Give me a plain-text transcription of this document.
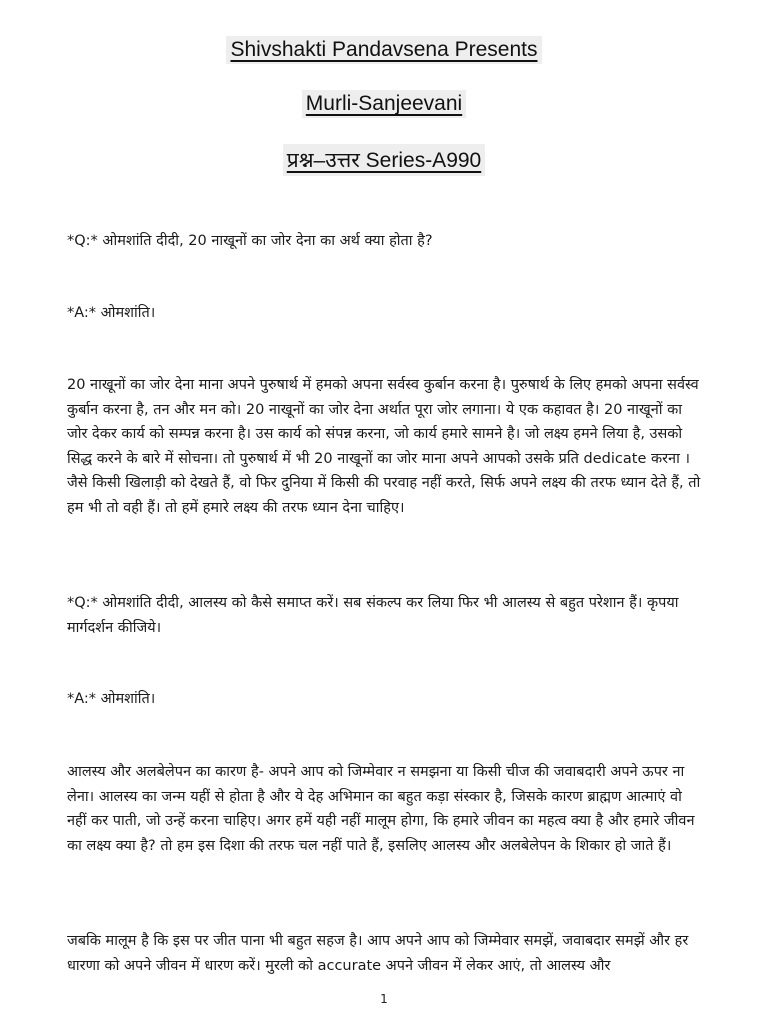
Shivshakti Pandavsena Presents
Murli-Sanjeevani
प्रश्न–उत्तर Series-A990

*Q:* ओमशांति दीदी, 20 नाखूनों का जोर देना का अर्थ क्या होता है?

*A:* ओमशांति।

20 नाखूनों का जोर देना माना अपने पुरुषार्थ में हमको अपना सर्वस्व कुर्बान करना है। पुरुषार्थ के लिए हमको अपना सर्वस्व कुर्बान करना है, तन और मन को। 20 नाखूनों का जोर देना अर्थात पूरा जोर लगाना। ये एक कहावत है। 20 नाखूनों का जोर देकर कार्य को सम्पन्न करना है। उस कार्य को संपन्न करना, जो कार्य हमारे सामने है। जो लक्ष्य हमने लिया है, उसको सिद्ध करने के बारे में सोचना। तो पुरुषार्थ में भी 20 नाखूनों का जोर माना अपने आपको उसके प्रति dedicate करना । जैसे किसी खिलाड़ी को देखते हैं, वो फिर दुनिया में किसी की परवाह नहीं करते, सिर्फ अपने लक्ष्य की तरफ ध्यान देते हैं, तो हम भी तो वही हैं। तो हमें हमारे लक्ष्य की तरफ ध्यान देना चाहिए।

*Q:* ओमशांति दीदी, आलस्य को कैसे समाप्त करें। सब संकल्प कर लिया फिर भी आलस्य से बहुत परेशान हैं। कृपया मार्गदर्शन कीजिये।

*A:* ओमशांति।

आलस्य और अलबेलेपन का कारण है- अपने आप को जिम्मेवार न समझना या किसी चीज की जवाबदारी अपने ऊपर ना लेना। आलस्य का जन्म यहीं से होता है और ये देह अभिमान का बहुत कड़ा संस्कार है, जिसके कारण ब्राह्मण आत्माएं वो नहीं कर पाती, जो उन्हें करना चाहिए। अगर हमें यही नहीं मालूम होगा, कि हमारे जीवन का महत्व क्या है और हमारे जीवन का लक्ष्य क्या है? तो हम इस दिशा की तरफ चल नहीं पाते हैं, इसलिए आलस्य और अलबेलेपन के शिकार हो जाते हैं।

जबकि मालूम है कि इस पर जीत पाना भी बहुत सहज है। आप अपने आप को जिम्मेवार समझें, जवाबदार समझें और हर धारणा को अपने जीवन में धारण करें। मुरली को accurate अपने जीवन में लेकर आएं, तो आलस्य और

1
